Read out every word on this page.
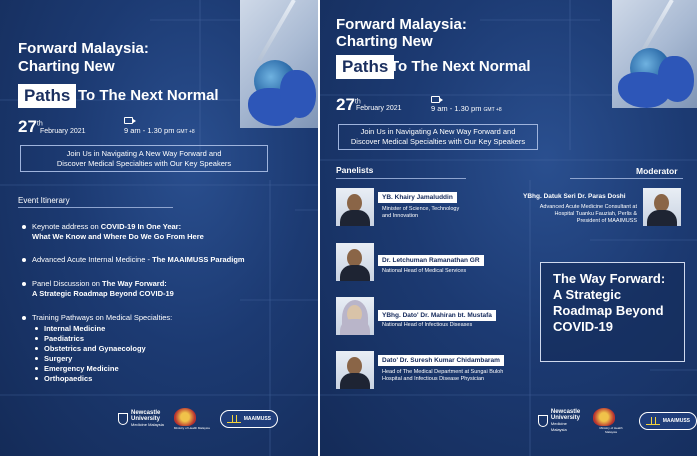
Forward Malaysia:
Charting New
Paths To The Next Normal
27th
February 2021	9 am - 1.30 pm GMT +8
Join Us in Navigating A New Way Forward and
Discover Medical Specialties with Our Key Speakers
Event Itinerary
Keynote address on COVID-19 In One Year:
What We Know and Where Do We Go From Here
Advanced Acute Internal Medicine - The MAAIMUSS Paradigm
Panel Discussion on The Way Forward:
A Strategic Roadmap Beyond COVID-19
Training Pathways on Medical Specialties:
Internal Medicine
Paediatrics
Obstetrics and Gynaecology
Surgery
Emergency Medicine
Orthopaedics
Newcastle
University
Medicine Malaysia
Ministry of Health Malaysia
MAAIMUSS
Forward Malaysia:
Charting New
Paths To The Next Normal
27th
February 2021	9 am - 1.30 pm GMT +8
Join Us in Navigating A New Way Forward and
Discover Medical Specialties with Our Key Speakers
Panelists	Moderator
YB. Khairy Jamaluddin
Minister of Science, Technology
and Innovation
Dr. Letchuman Ramanathan GR
National Head of Medical Services
YBhg. Dato' Dr. Mahiran bt. Mustafa
National Head of Infectious Diseases
Dato' Dr. Suresh Kumar Chidambaram
Head of The Medical Department at Sungai Buloh
Hospital and Infectious Disease Physician
YBhg. Datuk Seri Dr. Paras Doshi
Advanced Acute Medicine Consultant at
Hospital Tuanku Fauziah, Perlis &
President of MAAIMUSS
The Way Forward:
A Strategic
Roadmap Beyond
COVID-19
Newcastle
University
Medicine Malaysia	Ministry of Health Malaysia
MAAIMUSS
